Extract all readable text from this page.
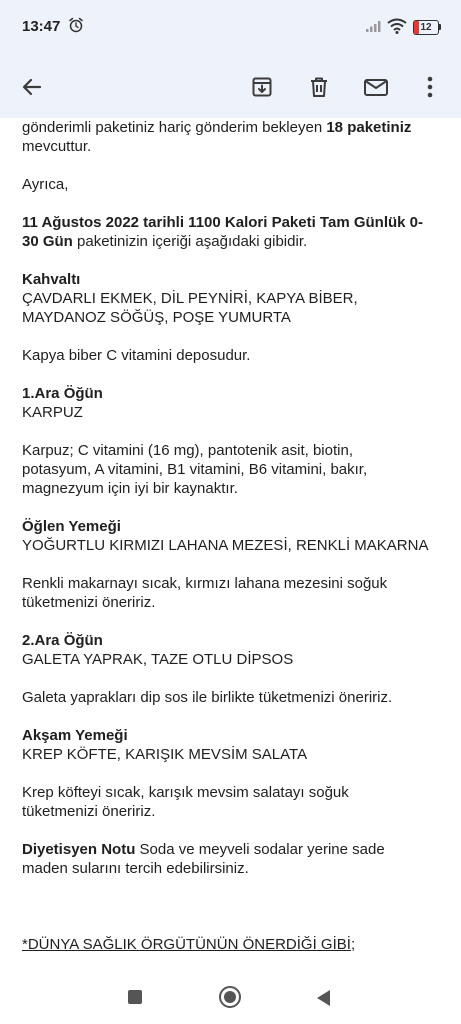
13:47	12

gönderimli paketiniz hariç gönderim bekleyen 18 paketiniz

mevcuttur.

Ayrıca,

11 Ağustos 2022 tarihli 1100 Kalori Paketi Tam Günlük 0-

30 Gün paketinizin içeriği aşağıdaki gibidir.

Kahvaltı

ÇAVDARLI EKMEK, DİL PEYNİRİ, KAPYA BİBER,

MAYDANOZ SÖĞÜŞ, POŞE YUMURTA

Kapya biber C vitamini deposudur.

1.Ara Öğün

KARPUZ

Karpuz; C vitamini (16 mg), pantotenik asit, biotin,

potasyum, A vitamini, B1 vitamini, B6 vitamini, bakır,

magnezyum için iyi bir kaynaktır.

Öğlen Yemeği

YOĞURTLU KIRMIZI LAHANA MEZESİ, RENKLİ MAKARNA

Renkli makarnayı sıcak, kırmızı lahana mezesini soğuk

tüketmenizi öneririz.

2.Ara Öğün

GALETA YAPRAK, TAZE OTLU DİPSOS

Galeta yaprakları dip sos ile birlikte tüketmenizi öneririz.

Akşam Yemeği

KREP KÖFTE, KARIŞIK MEVSİM SALATA

Krep köfteyi sıcak, karışık mevsim salatayı soğuk

tüketmenizi öneririz.

Diyetisyen Notu Soda ve meyveli sodalar yerine sade

maden sularını tercih edebilirsiniz.

*DÜNYA SAĞLIK ÖRGÜTÜNÜN ÖNERDİĞİ GİBİ;
